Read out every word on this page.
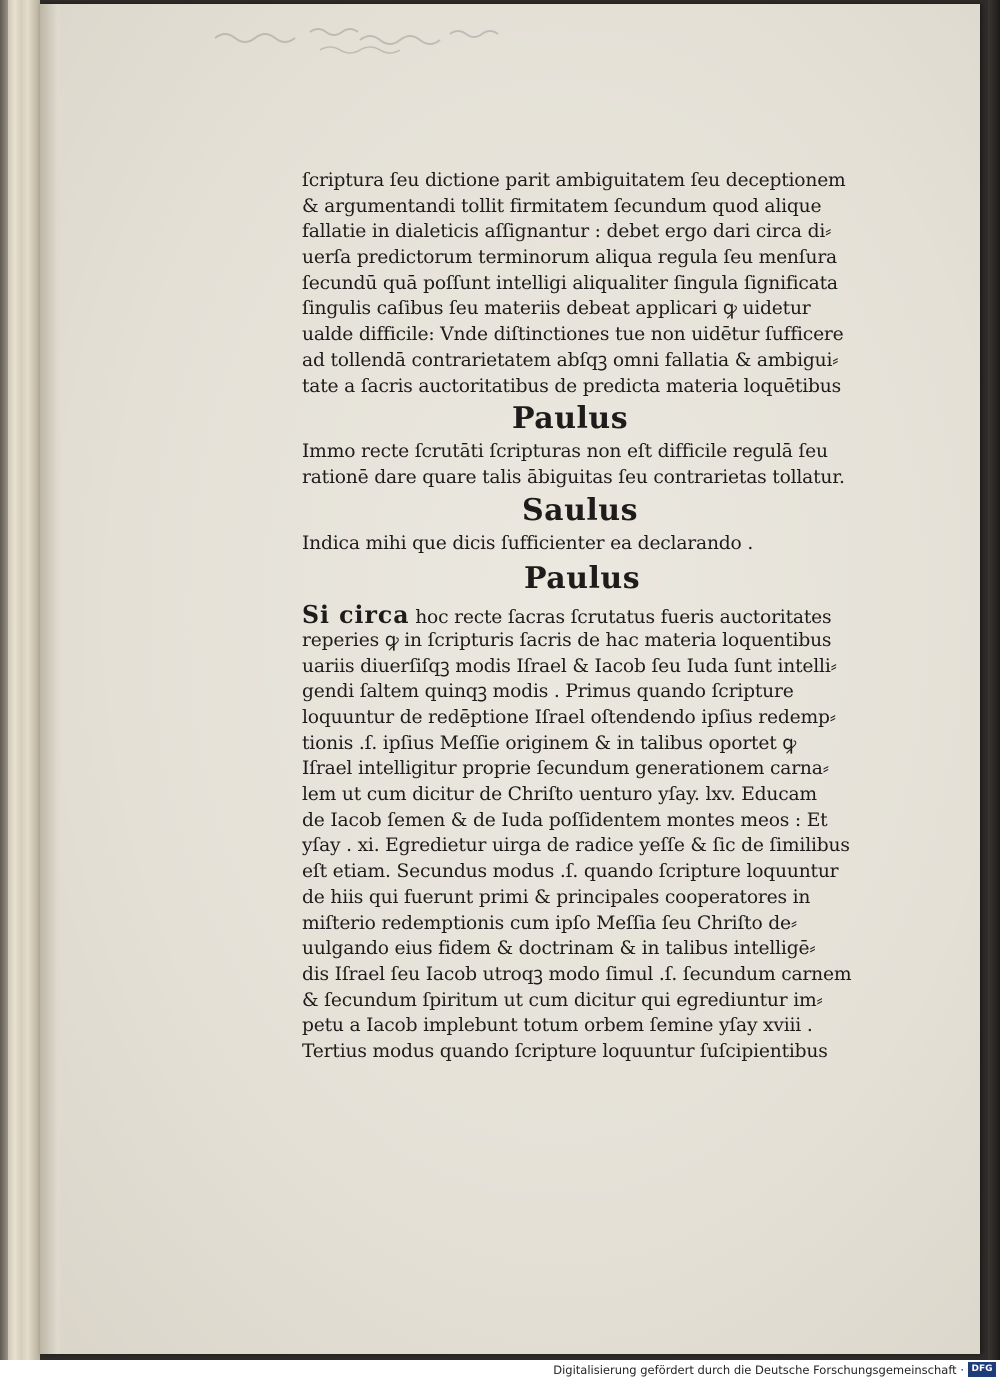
ſcriptura ſeu dictione parit ambiguitatem ſeu deceptionem
& argumentandi tollit firmitatem ſecundum quod alique
fallatie in dialeticis aſſignantur : debet ergo dari circa di⸗
uerſa predictorum terminorum aliqua regula ſeu menſura
ſecundū quā poſſunt intelligi aliqualiter ſingula ſignificata
ſingulis caſibus ſeu materiis debeat applicari ꝙ uidetur
ualde difficile: Vnde diſtinctiones tue non uidētur ſufficere
ad tollendā contrarietatem abſqꝫ omni fallatia & ambigui⸗
tate a ſacris auctoritatibus de predicta materia loquētibus
Paulus
Immo recte ſcrutāti ſcripturas non eſt difficile regulā ſeu
rationē dare quare talis ābiguitas ſeu contrarietas tollatur.
Saulus
Indica mihi que dicis ſufficienter ea declarando .
Paulus
Si circa hoc recte ſacras ſcrutatus fueris auctoritates
reperies ꝙ in ſcripturis ſacris de hac materia loquentibus
uariis diuerſiſqꝫ modis Iſrael & Iacob ſeu Iuda ſunt intelli⸗
gendi ſaltem quinqꝫ modis . Primus quando ſcripture
loquuntur de redēptione Iſrael oſtendendo ipſius redemp⸗
tionis .ſ. ipſius Meſſie originem & in talibus oportet ꝙ
Iſrael intelligitur proprie ſecundum generationem carna⸗
lem ut cum dicitur de Chriſto uenturo yſay. lxv. Educam
de Iacob ſemen & de Iuda poſſidentem montes meos : Et
yſay . xi. Egredietur uirga de radice yeſſe & ſic de ſimilibus
eſt etiam. Secundus modus .ſ. quando ſcripture loquuntur
de hiis qui fuerunt primi & principales cooperatores in
miſterio redemptionis cum ipſo Meſſia ſeu Chriſto de⸗
uulgando eius fidem & doctrinam & in talibus intelligē⸗
dis Iſrael ſeu Iacob utroqꝫ modo ſimul .ſ. ſecundum carnem
& ſecundum ſpiritum ut cum dicitur qui egrediuntur im⸗
petu a Iacob implebunt totum orbem ſemine yſay xviii .
Tertius modus quando ſcripture loquuntur ſuſcipientibus
Digitalisierung gefördert durch die Deutsche Forschungsgemeinschaft · DFG
